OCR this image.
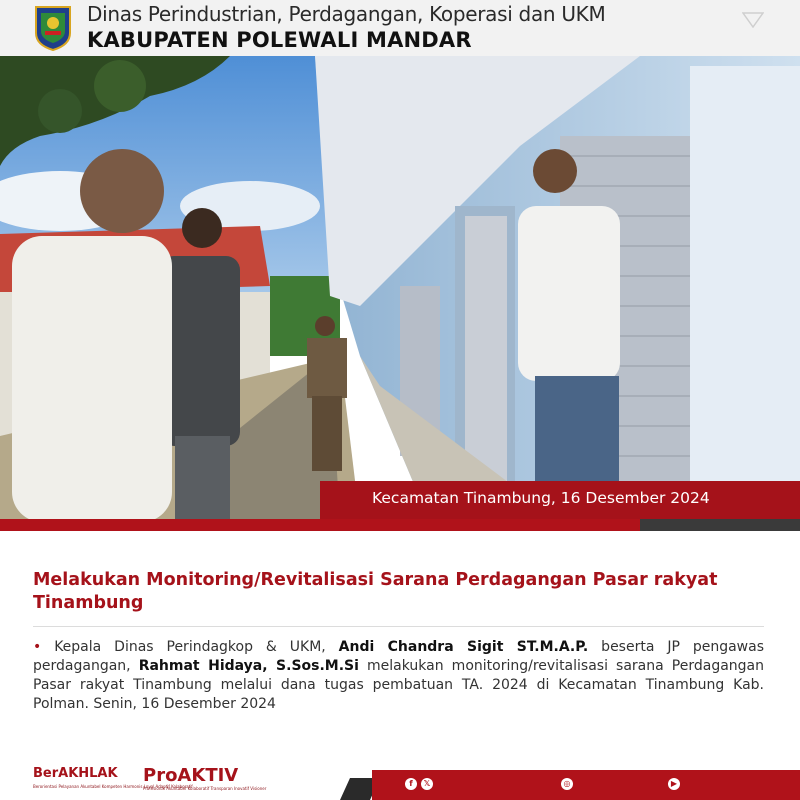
Dinas Perindustrian, Perdagangan, Koperasi dan UKM
KABUPATEN POLEWALI MANDAR
Kecamatan Tinambung, 16 Desember 2024
Melakukan Monitoring/Revitalisasi Sarana Perdagangan Pasar rakyat Tinambung
• Kepala Dinas Perindagkop & UKM, Andi Chandra Sigit ST.M.A.P. beserta JP pengawas perdagangan, Rahmat Hidaya, S.Sos.M.Si melakukan monitoring/revitalisasi sarana Perdagangan Pasar rakyat Tinambung melalui dana tugas pembatuan TA. 2024 di Kecamatan Tinambung Kab. Polman. Senin, 16 Desember 2024
BerAKHLAK
Berorientasi Pelayanan Akuntabel Kompeten Harmonis Loyal Adaptif Kolaboratif
ProAKTIV
Profesional Akuntabel Kolaboratif Transparan Inovatif Visioner
f	𝕏	◎	▶
